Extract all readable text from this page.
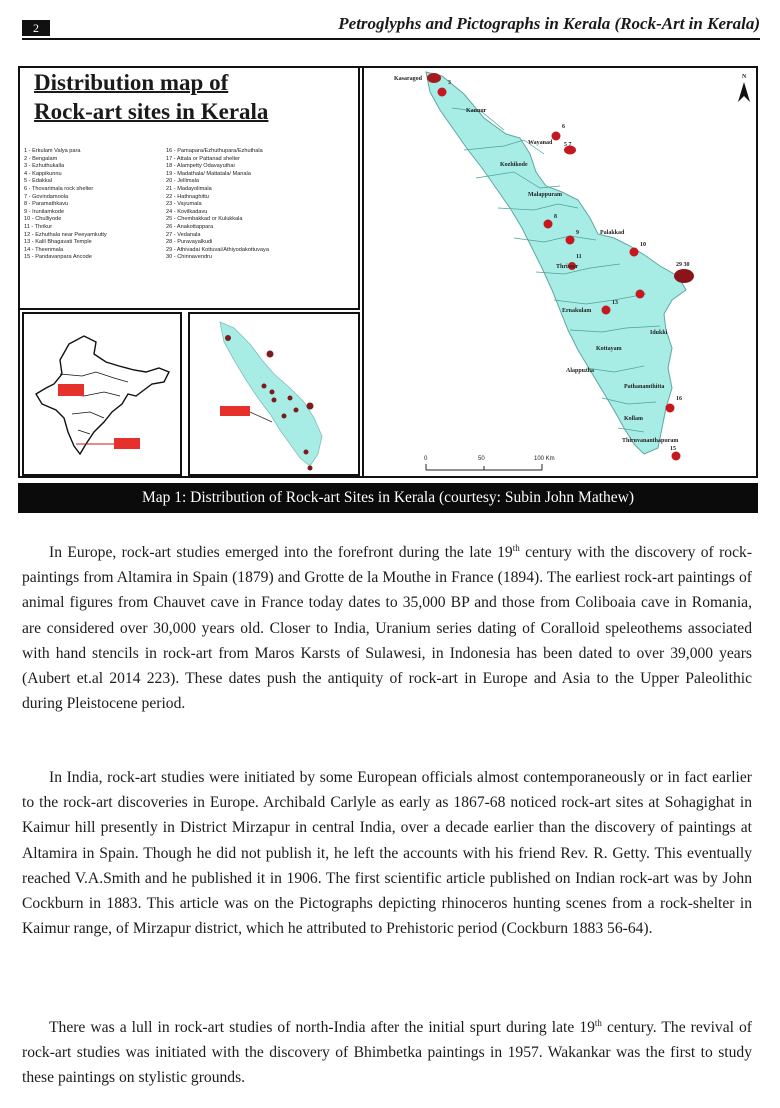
2	Petroglyphs and Pictographs in Kerala (Rock-Art in Kerala)
Distribution map of
Rock-art sites in Kerala
1 - Erkulam Valya para
2 - Bengalam
3 - Ezhuthukalla
4 - Kappikunnu
5 - Edakkal
6 - Thovarimala rock shelter
7 - Govindamoola
8 - Paramathkavu
9 - Irunilamkode
10 - Chulliyode
11 - Thrikur
12 - Ezhuthala near Peeyamkutty
13 - Kalil Bhagavati Temple
14 - Theenmala
15 - Pandavanpara Ancode
16 - Pamapara/Ezhuthupara/Ezhuthala
17 - Attala or Pattanad shelter
18 - Alampetty Odavayuthai
19 - Madathala/ Mattatala/ Manala
20 - Jellimala
21 - Madayolimala
22 - Hathnaghittu
23 - Vayumala
24 - Kovilkadavu
25 - Chembakkad or Kulukkala
26 - Anakottappara
27 - Vedanala
28 - Puravayalkudi
29 - Athivadai Kottuvai/Athiyodakottuvaya
30 - Chinnavendru
Kasaragod
Kannur
Wayanad
Kozhikode
Malappuram
Palakkad
Thrissur
Ernakulam
Idukki
Kottayam
Alappuzha
Pathanamthitta
Kollam
Thiruvananthapuram
3
6
5 7
8
9
10
11
13
29 30
16
15
N
0	50	100 Km
Map 1: Distribution of Rock-art Sites in Kerala (courtesy: Subin John Mathew)

In Europe, rock-art studies emerged into the forefront during the late 19th century with the discovery of rock-paintings from Altamira in Spain (1879) and Grotte de la Mouthe in France (1894). The earliest rock-art paintings of animal figures from Chauvet cave in France today dates to 35,000 BP and those from Coliboaia cave in Romania, are considered over 30,000 years old. Closer to India, Uranium series dating of Coralloid speleothems associated with hand stencils in rock-art from Maros Karsts of Sulawesi, in Indonesia has been dated to over 39,000 years (Aubert et.al 2014 223). These dates push the antiquity of rock-art in Europe and Asia to the Upper Paleolithic during Pleistocene period.

In India, rock-art studies were initiated by some European officials almost contemporaneously or in fact earlier to the rock-art discoveries in Europe. Archibald Carlyle as early as 1867-68 noticed rock-art sites at Sohagighat in Kaimur hill presently in District Mirzapur in central India, over a decade earlier than the discovery of paintings at Altamira in Spain. Though he did not publish it, he left the accounts with his friend Rev. R. Getty. This eventually reached V.A.Smith and he published it in 1906. The first scientific article published on Indian rock-art was by John Cockburn in 1883. This article was on the Pictographs depicting rhinoceros hunting scenes from a rock-shelter in Kaimur range, of Mirzapur district, which he attributed to Prehistoric period (Cockburn 1883 56-64).

There was a lull in rock-art studies of north-India after the initial spurt during late 19th century. The revival of rock-art studies was initiated with the discovery of Bhimbetka paintings in 1957. Wakankar was the first to study these paintings on stylistic grounds.
